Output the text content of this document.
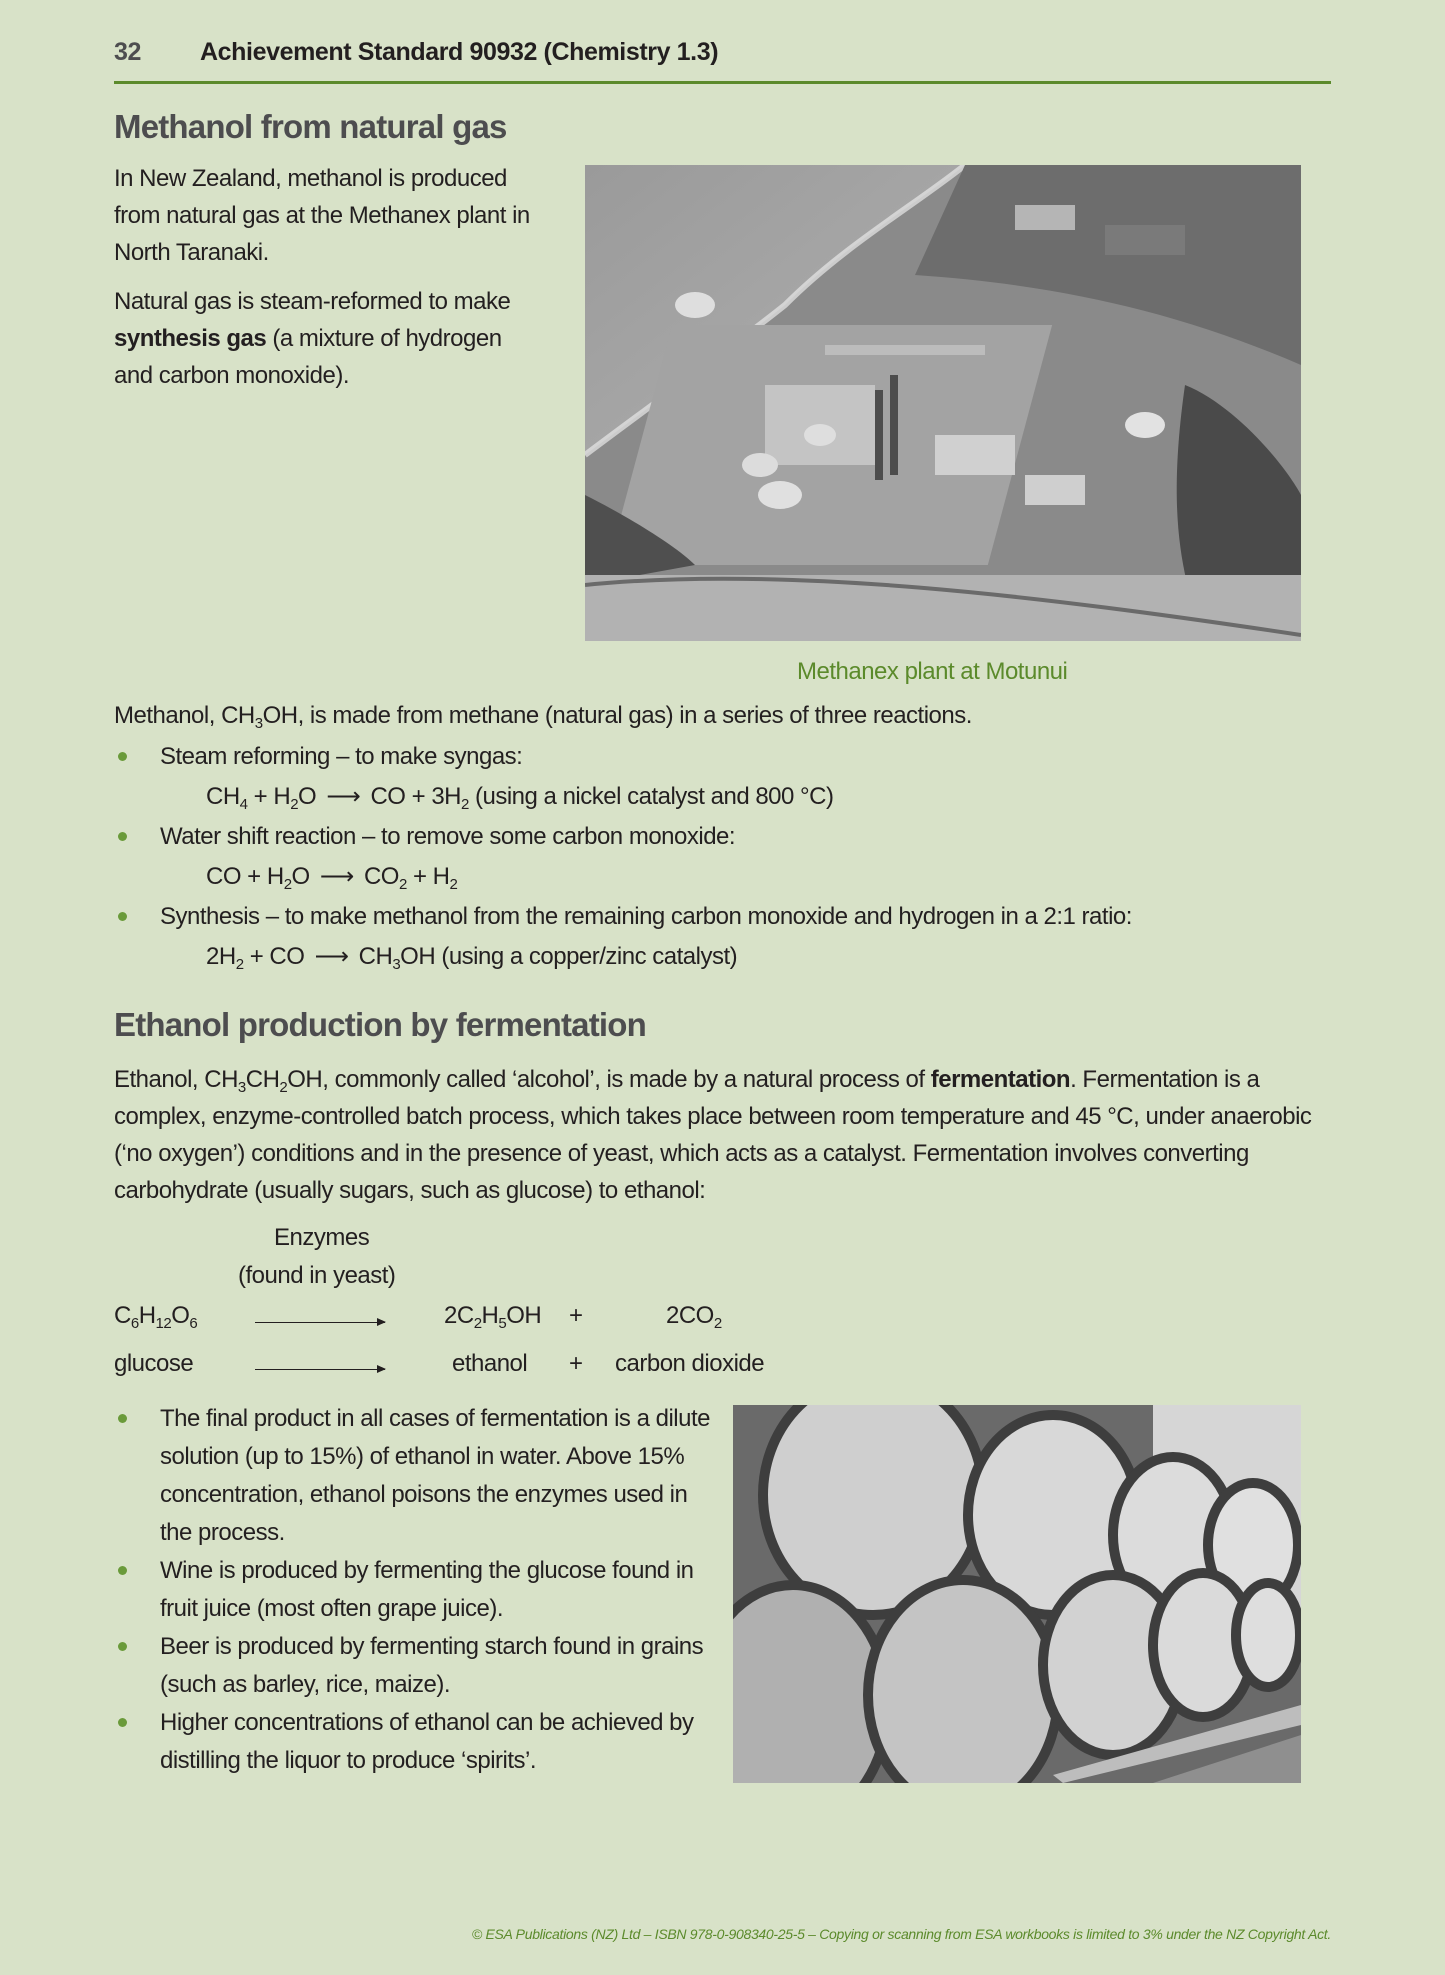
32	Achievement Standard 90932 (Chemistry 1.3)
Methanol from natural gas

In New Zealand, methanol is produced from natural gas at the Methanex plant in North Taranaki.

Natural gas is steam-reformed to make synthesis gas (a mixture of hydrogen and carbon monoxide).

Methanex plant at Motunui

Methanol, $CH_3OH$, is made from methane (natural gas) in a series of three reactions.

Steam reforming – to make syngas:
$CH_4 + H_2O$ ⟶ CO + $3H_2$ (using a nickel catalyst and 800 °C)
Water shift reaction – to remove some carbon monoxide:
CO + $H_2O$ ⟶ $CO_2 + H_2$
Synthesis – to make methanol from the remaining carbon monoxide and hydrogen in a 2:1 ratio:
$2H_2$ + CO ⟶ $CH_3OH$ (using a copper/zinc catalyst)
Ethanol production by fermentation

Ethanol, $CH_3CH_2OH$, commonly called ‘alcohol’, is made by a natural process of fermentation. Fermentation is a complex, enzyme-controlled batch process, which takes place between room temperature and 45 °C, under anaerobic (‘no oxygen’) conditions and in the presence of yeast, which acts as a catalyst. Fermentation involves converting carbohydrate (usually sugars, such as glucose) to ethanol:

Enzymes
(found in yeast)
$C_6H_{12}O_6$	$2C_2H_5OH$ +	$2CO_2$
glucose	ethanol + carbon dioxide
The final product in all cases of fermentation is a dilute solution (up to 15%) of ethanol in water. Above 15% concentration, ethanol poisons the enzymes used in the process.
Wine is produced by fermenting the glucose found in fruit juice (most often grape juice).
Beer is produced by fermenting starch found in grains (such as barley, rice, maize).
Higher concentrations of ethanol can be achieved by distilling the liquor to produce ‘spirits’.
© ESA Publications (NZ) Ltd – ISBN 978-0-908340-25-5 – Copying or scanning from ESA workbooks is limited to 3% under the NZ Copyright Act.
